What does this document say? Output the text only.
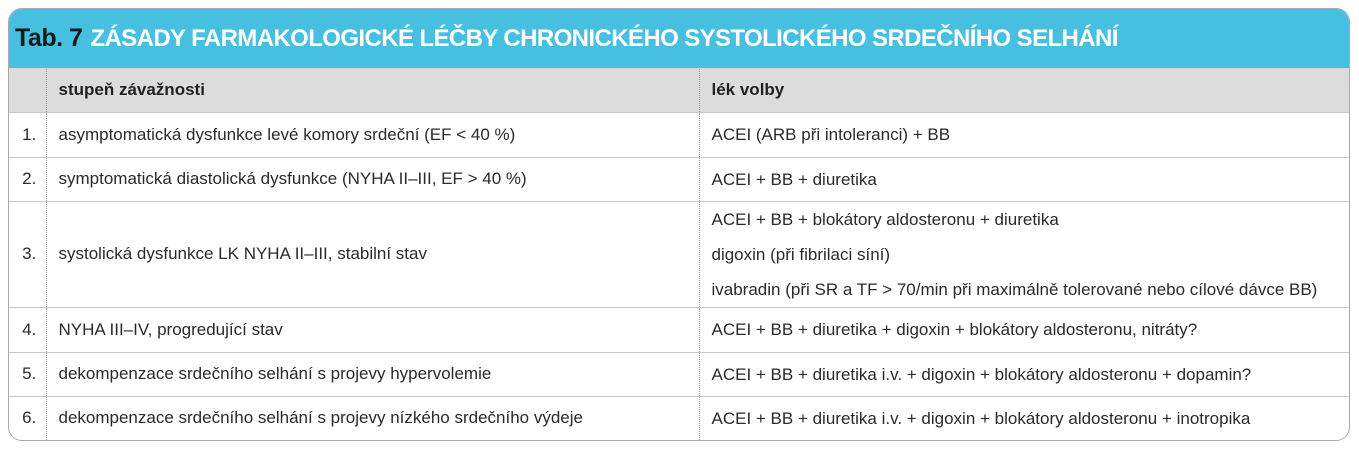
Tab. 7 ZÁSADY FARMAKOLOGICKÉ LÉČBY CHRONICKÉHO SYSTOLICKÉHO SRDEČNÍHO SELHÁNÍ
	stupeň závažnosti	lék volby
1.	asymptomatická dysfunkce levé komory srdeční (EF < 40 %)	ACEI (ARB při intoleranci) + BB

2.	symptomatická diastolická dysfunkce (NYHA II–III, EF > 40 %)	ACEI + BB + diuretika

3.	systolická dysfunkce LK NYHA II–III, stabilní stav	ACEI + BB + blokátory aldosteronu + diuretika
digoxin (při fibrilaci síní)
ivabradin (při SR a TF > 70/min při maximálně tolerované nebo cílové dávce BB)

4.	NYHA III–IV, progredující stav	ACEI + BB + diuretika + digoxin + blokátory aldosteronu, nitráty?

5.	dekompenzace srdečního selhání s projevy hypervolemie	ACEI + BB + diuretika i.v. + digoxin + blokátory aldosteronu + dopamin?

6.	dekompenzace srdečního selhání s projevy nízkého srdečního výdeje	ACEI + BB + diuretika i.v. + digoxin + blokátory aldosteronu + inotropika
